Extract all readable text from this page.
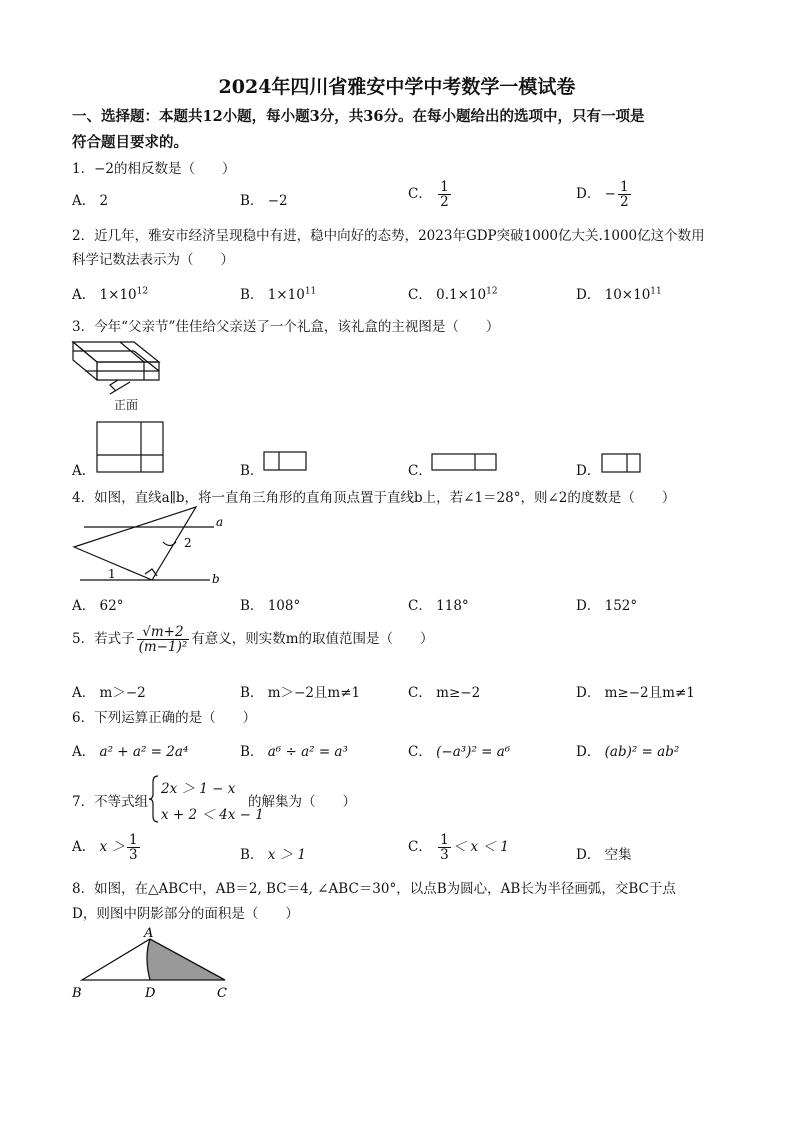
2024年四川省雅安中学中考数学一模试卷
一、选择题：本题共12小题，每小题3分，共36分。在每小题给出的选项中，只有一项是
符合题目要求的。
1．−2的相反数是（　　）
A． 2	B． −2	C． $\frac{1}{2}$	D． − $\frac{1}{2}$
2．近几年，雅安市经济呈现稳中有进，稳中向好的态势，2023年GDP突破1000亿大关.1000亿这个数用
科学记数法表示为（　　）
A． $1\times 10^{12}$	B． $1\times 10^{11}$	C． $0.1\times 10^{12}$	D． $10\times 10^{11}$
3．今年“父亲节”佳佳给父亲送了一个礼盒，该礼盒的主视图是（　　）
正面
A．	B．	C．	D．
4．如图，直线a∥b，将一直角三角形的直角顶点置于直线b上，若∠1＝28°，则∠2的度数是（　　）
a
b
1
2
A． 62°	B． 108°	C． 118°	D． 152°
5．若式子 $\frac{√m+2}{\text{(m−1)²}}$ 有意义，则实数m的取值范围是（　　）
A． m＞−2	B． m＞−2且m≠1	C． m≥−2	D． m≥−2且m≠1
6．下列运算正确的是（　　）
A． a² + a² = 2a⁴	B． a⁶ ÷ a² = a³	C． (−a³)² = a⁶	D． (ab)² = ab²
7．不等式组
2x ＞ 1 − x
x + 2 ＜ 4x − 1
的解集为（　　）
A． $x > \frac{1}{3}$	B． x ＞ 1	C． $\frac{1}{3} < x < 1$	D． 空集
8．如图，在△ABC中，AB＝2, BC＝4, ∠ABC＝30°，以点B为圆心，AB长为半径画弧，交BC于点
D，则图中阴影部分的面积是（　　）
A
B	D	C
